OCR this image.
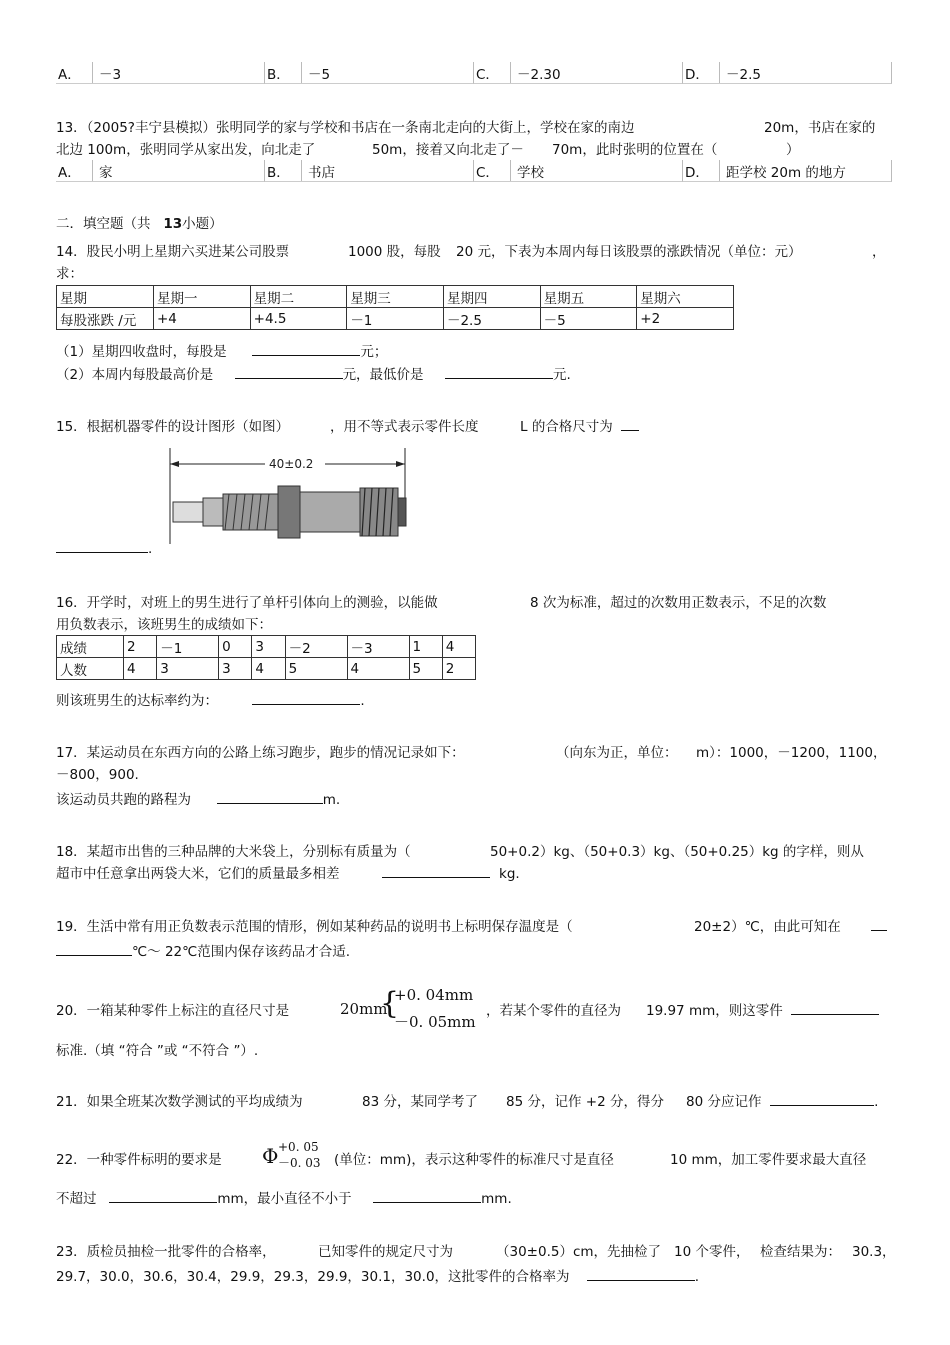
A．	－3	B．	－5	C．	－2.30	D．	－2.5
13．（2005?丰宁县模拟）张明同学的家与学校和书店在一条南北走向的大街上，学校在家的南边	20m，书店在家的
北边 100m，张明同学从家出发，向北走了	50m，接着又向北走了－ 70m，此时张明的位置在（	）
A．	家	B．	书店	C．	学校	D．	距学校 20m 的地方
二．填空题（共 13小题）
14．股民小明上星期六买进某公司股票	1000 股，每股 20 元，下表为本周内每日该股票的涨跌情况（单位：元）	，
求：
星期	星期一	星期二	星期三	星期四	星期五	星期六
每股涨跌 /元	+4	+4.5	－1	－2.5	－5	+2
（1）星期四收盘时，每股是	元；
（2）本周内每股最高价是	元，最低价是	元.
15．根据机器零件的设计图形（如图）	，用不等式表示零件长度	L 的合格尺寸为
40±0.2
.
16．开学时，对班上的男生进行了单杆引体向上的测验，以能做	8 次为标准，超过的次数用正数表示，不足的次数
用负数表示，该班男生的成绩如下：
成绩	2	－1	0	3	－2	－3	1	4
人数	4	3	3	4	5	4	5	2
则该班男生的达标率约为：	.
17．某运动员在东西方向的公路上练习跑步，跑步的情况记录如下：	（向东为正，单位： m）：1000，－1200，1100，
－800，900.
该运动员共跑的路程为	m.
18．某超市出售的三种品牌的大米袋上，分别标有质量为（	50+0.2）kg、（50+0.3）kg、（50+0.25）kg 的字样，则从
超市中任意拿出两袋大米，它们的质量最多相差	kg.
19．生活中常有用正负数表示范围的情形，例如某种药品的说明书上标明保存温度是（	20±2）℃，由此可知在
℃～ 22℃范围内保存该药品才合适.
20．一箱某种零件上标注的直径尺寸是	20mm
{
+0. 04mm
－0. 05mm
，若某个零件的直径为 19.97 mm，则这零件
标准.（填 “符合 ”或 “不符合 ”）.
21．如果全班某次数学测试的平均成绩为	83 分，某同学考了 85 分，记作 +2 分，得分 80 分应记作	.
22．一种零件标明的要求是 Φ +0. 05
－0. 03 (单位：mm)，表示这种零件的标准尺寸是直径	10 mm，加工零件要求最大直径
不超过	mm，最小直径不小于	mm.
23．质检员抽检一批零件的合格率，	已知零件的规定尺寸为	（30±0.5）cm，先抽检了 10 个零件， 检查结果为： 30.3，
29.7，30.0，30.6，30.4，29.9，29.3，29.9，30.1，30.0，这批零件的合格率为	.
